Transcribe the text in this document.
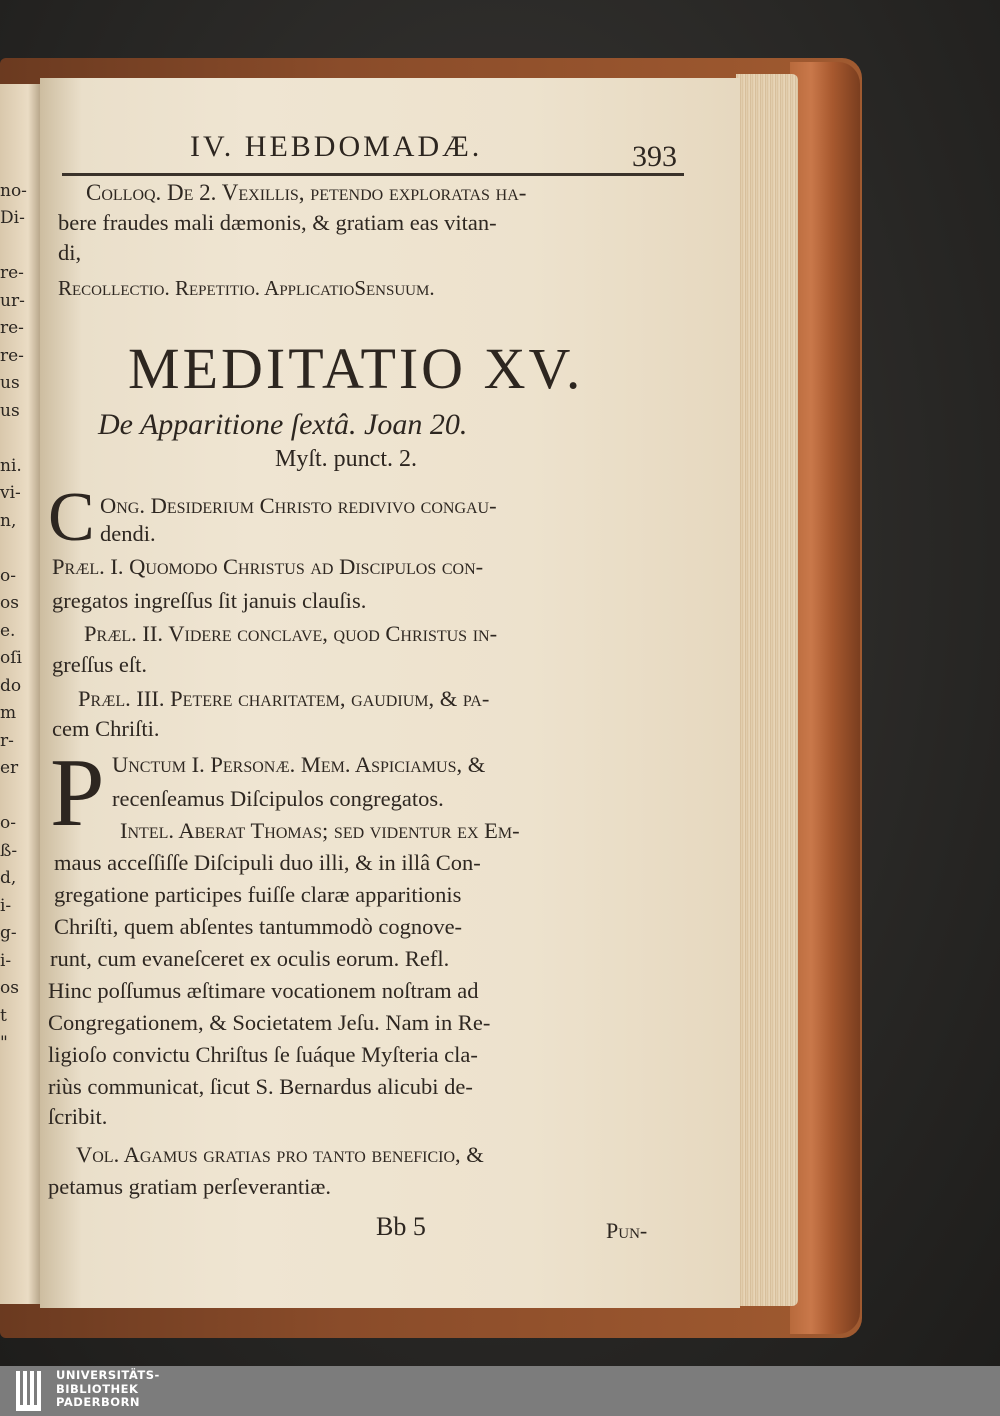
no-
Di-
re-
ur-
re-
re-
us
us
ni.
vi-
n,
o-
os
e.
oſi
do
m
r-
er
o-
ß-
d,
i-
g-
i-
os
t
"
IV. HEBDOMADÆ.	393
Colloq. De 2. Vexillis, petendo exploratas ha-
bere fraudes mali dæmonis, & gratiam eas vitan-
di,
Recollectio. Repetitio. ApplicatioSensuum.
MEDITATIO XV.
De Apparitione ſextâ. Joan 20.
Myſt. punct. 2.
C Ong. Deſiderium Chriſto redivivo congau-
dendi.
Præl. I. Quomodo Chriſtus ad Diſcipulos con-
gregatos ingreſſus ſit januis clauſis.
Præl. II. Videre conclave, quod Chriſtus in-
greſſus eſt.
Præl. III. Petere charitatem, gaudium, & pa-
cem Chriſti.
P Unctum I. Personæ. Mem. Aſpiciamus, &
recenſeamus Diſcipulos congregatos.
Intel. Aberat Thomas; ſed videntur ex Em-
maus acceſſiſſe Diſcipuli duo illi, & in illâ Con-
gregatione participes fuiſſe claræ apparitionis
Chriſti, quem abſentes tantummodò cognove-
runt, cum evaneſceret ex oculis eorum. Refl.
Hinc poſſumus æſtimare vocationem noſtram ad
Congregationem, & Societatem Jeſu. Nam in Re-
ligioſo convictu Chriſtus ſe ſuáque Myſteria cla-
riùs communicat, ſicut S. Bernardus alicubi de-
ſcribit.
Vol. Agamus gratias pro tanto beneficio, &
petamus gratiam perſeverantiæ.
Bb 5	Pun-
UNIVERSITÄTS-
BIBLIOTHEK
PADERBORN
